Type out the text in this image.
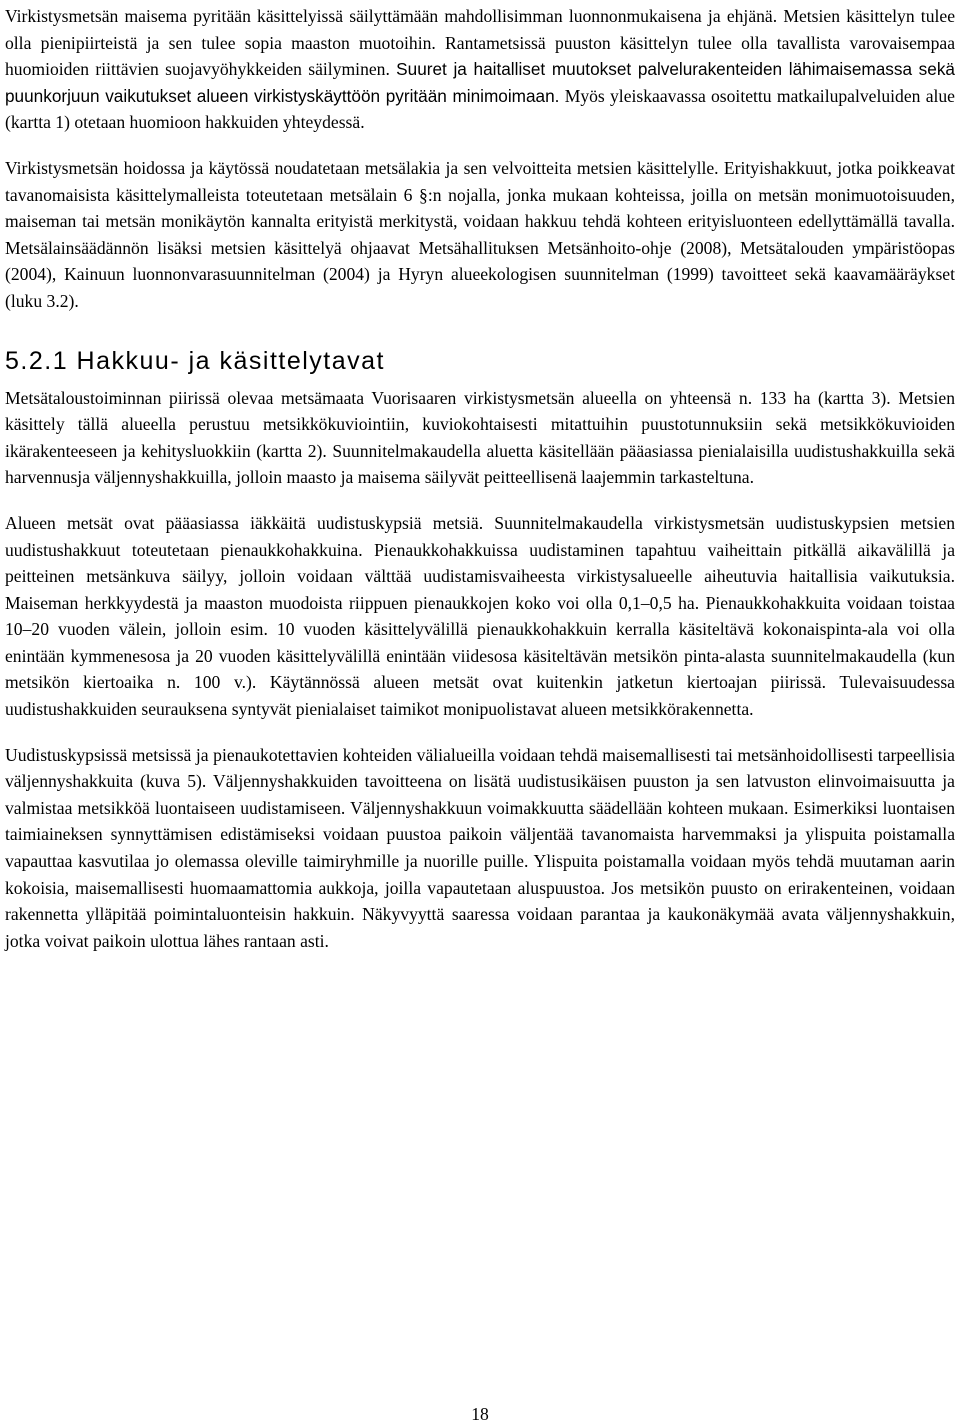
Virkistysmetsän maisema pyritään käsittelyissä säilyttämään mahdollisimman luonnonmukaisena ja ehjänä. Metsien käsittelyn tulee olla pienipiirteistä ja sen tulee sopia maaston muotoihin. Rantametsissä puuston käsittelyn tulee olla tavallista varovaisempaa huomioiden riittävien suojavyöhykkeiden säilyminen. Suuret ja haitalliset muutokset palvelurakenteiden lähimaisemassa sekä puunkorjuun vaikutukset alueen virkistyskäyttöön pyritään minimoimaan. Myös yleiskaavassa osoitettu matkailupalveluiden alue (kartta 1) otetaan huomioon hakkuiden yhteydessä.

Virkistysmetsän hoidossa ja käytössä noudatetaan metsälakia ja sen velvoitteita metsien käsittelylle. Erityishakkuut, jotka poikkeavat tavanomaisista käsittelymalleista toteutetaan metsälain 6 §:n nojalla, jonka mukaan kohteissa, joilla on metsän monimuotoisuuden, maiseman tai metsän monikäytön kannalta erityistä merkitystä, voidaan hakkuu tehdä kohteen erityisluonteen edellyttämällä tavalla. Metsälainsäädännön lisäksi metsien käsittelyä ohjaavat Metsähallituksen Metsänhoito-ohje (2008), Metsätalouden ympäristöopas (2004), Kainuun luonnonvarasuunnitelman (2004) ja Hyryn alueekologisen suunnitelman (1999) tavoitteet sekä kaavamääräykset (luku 3.2).

5.2.1 Hakkuu- ja käsittelytavat

Metsätaloustoiminnan piirissä olevaa metsämaata Vuorisaaren virkistysmetsän alueella on yhteensä n. 133 ha (kartta 3). Metsien käsittely tällä alueella perustuu metsikkökuviointiin, kuviokohtaisesti mitattuihin puustotunnuksiin sekä metsikkökuvioiden ikärakenteeseen ja kehitysluokkiin (kartta 2). Suunnitelmakaudella aluetta käsitellään pääasiassa pienialaisilla uudistushakkuilla sekä harvennusja väljennyshakkuilla, jolloin maasto ja maisema säilyvät peitteellisenä laajemmin tarkasteltuna.

Alueen metsät ovat pääasiassa iäkkäitä uudistuskypsiä metsiä. Suunnitelmakaudella virkistysmetsän uudistuskypsien metsien uudistushakkuut toteutetaan pienaukkohakkuina. Pienaukkohakkuissa uudistaminen tapahtuu vaiheittain pitkällä aikavälillä ja peitteinen metsänkuva säilyy, jolloin voidaan välttää uudistamisvaiheesta virkistysalueelle aiheutuvia haitallisia vaikutuksia. Maiseman herkkyydestä ja maaston muodoista riippuen pienaukkojen koko voi olla 0,1–0,5 ha. Pienaukkohakkuita voidaan toistaa 10–20 vuoden välein, jolloin esim. 10 vuoden käsittelyvälillä pienaukkohakkuin kerralla käsiteltävä kokonaispinta-ala voi olla enintään kymmenesosa ja 20 vuoden käsittelyvälillä enintään viidesosa käsiteltävän metsikön pinta-alasta suunnitelmakaudella (kun metsikön kiertoaika n. 100 v.). Käytännössä alueen metsät ovat kuitenkin jatketun kiertoajan piirissä. Tulevaisuudessa uudistushakkuiden seurauksena syntyvät pienialaiset taimikot monipuolistavat alueen metsikkörakennetta.

Uudistuskypsissä metsissä ja pienaukotettavien kohteiden välialueilla voidaan tehdä maisemallisesti tai metsänhoidollisesti tarpeellisia väljennyshakkuita (kuva 5). Väljennyshakkuiden tavoitteena on lisätä uudistusikäisen puuston ja sen latvuston elinvoimaisuutta ja valmistaa metsikköä luontaiseen uudistamiseen. Väljennyshakkuun voimakkuutta säädellään kohteen mukaan. Esimerkiksi luontaisen taimiaineksen synnyttämisen edistämiseksi voidaan puustoa paikoin väljentää tavanomaista harvemmaksi ja ylispuita poistamalla vapauttaa kasvutilaa jo olemassa oleville taimiryhmille ja nuorille puille. Ylispuita poistamalla voidaan myös tehdä muutaman aarin kokoisia, maisemallisesti huomaamattomia aukkoja, joilla vapautetaan aluspuustoa. Jos metsikön puusto on erirakenteinen, voidaan rakennetta ylläpitää poimintaluonteisin hakkuin. Näkyvyyttä saaressa voidaan parantaa ja kaukonäkymää avata väljennyshakkuin, jotka voivat paikoin ulottua lähes rantaan asti.

18
